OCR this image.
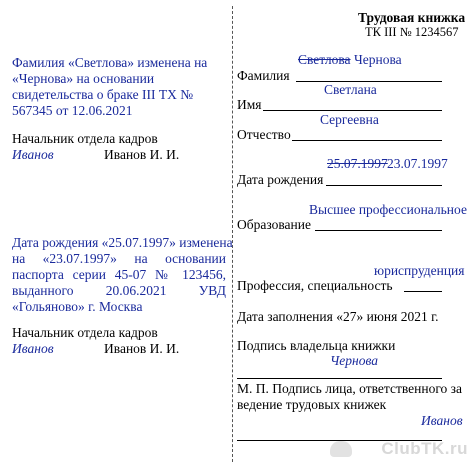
Трудовая книжка
ТК III № 1234567
Фамилия «Светлова» изменена на
«Чернова» на основании
свидетельства о браке III ТХ №
567345 от 12.06.2021
Начальник отдела кадров
Иванов	Иванов И. И.
Дата рождения «25.07.1997» изменена
на «23.07.1997» на основании
паспорта серии 45-07 № 123456,
выданного 20.06.2021 УВД
«Гольяново» г. Москва
Начальник отдела кадров
Иванов	Иванов И. И.
Светлова Чернова
Фамилия
Светлана
Имя
Сергеевна
Отчество
25.07.1997 23.07.1997
Дата рождения
Высшее профессиональное
Образование
юриспруденция
Профессия, специальность
Дата заполнения «27» июня 2021 г.
Подпись владельца книжки
Чернова
М. П. Подпись лица, ответственного за
ведение трудовых книжек
Иванов
ClubTK.ru
